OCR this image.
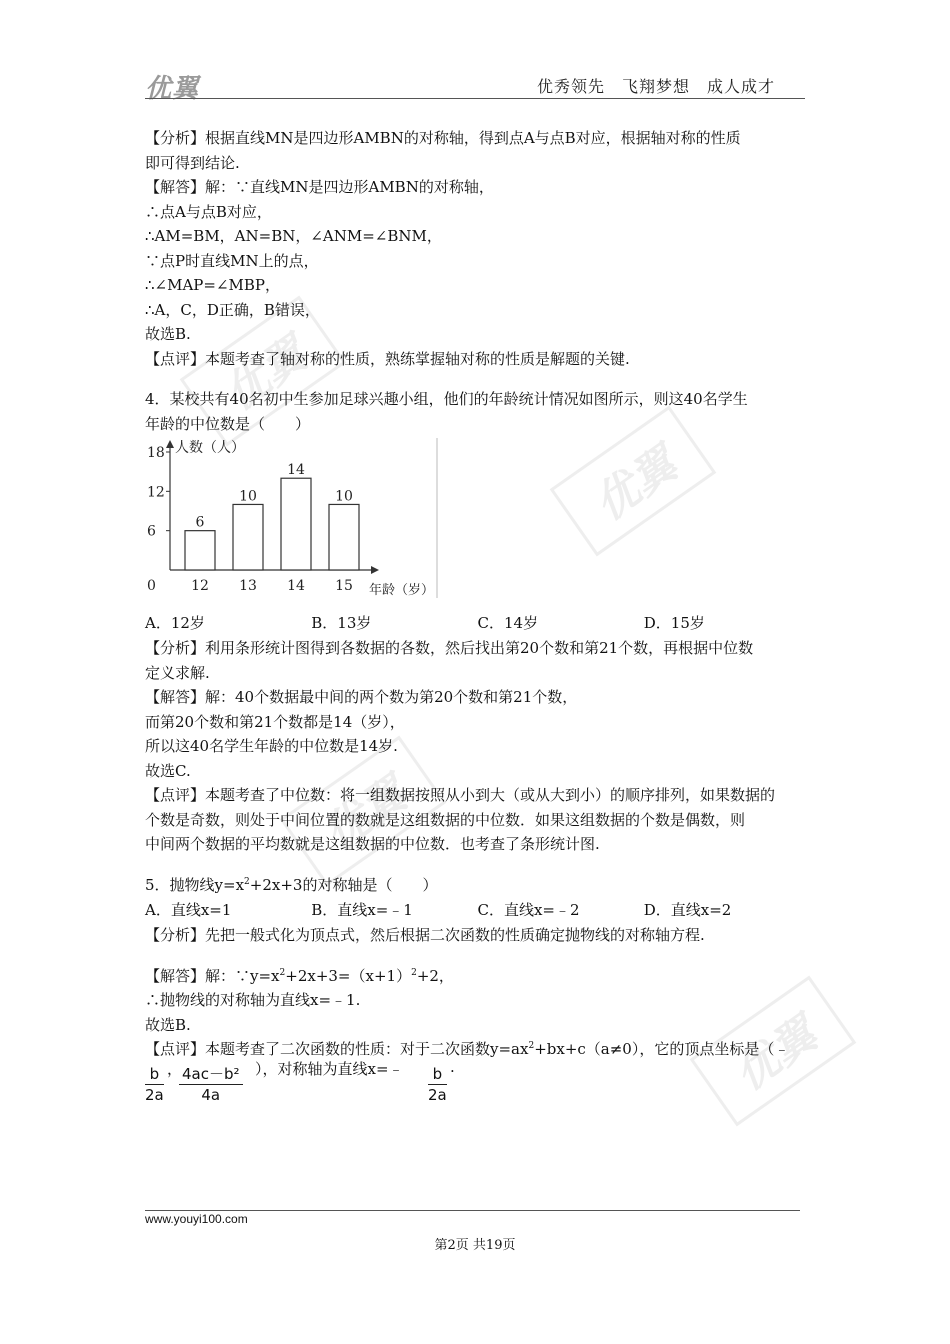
优翼	优秀领先　飞翔梦想　成人成才
优翼
优翼
优翼
优翼
【分析】根据直线MN是四边形AMBN的对称轴，得到点A与点B对应，根据轴对称的性质
即可得到结论.
【解答】解：∵直线MN是四边形AMBN的对称轴，
∴点A与点B对应，
∴AM=BM，AN=BN，∠ANM=∠BNM，
∵点P时直线MN上的点，
∴∠MAP=∠MBP，
∴A，C，D正确，B错误，
故选B.
【点评】本题考查了轴对称的性质，熟练掌握轴对称的性质是解题的关键.
4．某校共有40名初中生参加足球兴趣小组，他们的年龄统计情况如图所示，则这40名学生
年龄的中位数是（　　）
0
6
12
18 人数（人）
年龄（岁）
6
12
10
13
14
14
10
15
A．12岁	B．13岁	C．14岁	D．15岁
【分析】利用条形统计图得到各数据的各数，然后找出第20个数和第21个数，再根据中位数
定义求解.
【解答】解：40个数据最中间的两个数为第20个数和第21个数，
而第20个数和第21个数都是14（岁），
所以这40名学生年龄的中位数是14岁.
故选C.
【点评】本题考查了中位数：将一组数据按照从小到大（或从大到小）的顺序排列，如果数据的
个数是奇数，则处于中间位置的数就是这组数据的中位数．如果这组数据的个数是偶数，则
中间两个数据的平均数就是这组数据的中位数．也考查了条形统计图.
5．抛物线$y=x^2+2x+3$的对称轴是（　　）
A．直线x=1	B．直线x=﹣1	C．直线x=﹣2	D．直线x=2
【分析】先把一般式化为顶点式，然后根据二次函数的性质确定抛物线的对称轴方程.
【解答】解：$\because y=x^2+2x+3=(x+1)^2+2$，
∴抛物线的对称轴为直线x=﹣1.
故选B.
【点评】本题考查了二次函数的性质：对于二次函数$y=ax^2+bx+c(a\ne 0)$，它的顶点坐标是（﹣
$\frac{b}{2a}$ ，
$\frac{\text{4ac－b²}}{4a}$ ），对称轴为直线x=﹣ $\frac{b}{2a}$ .
www.youyi100.com
第2页 共19页
